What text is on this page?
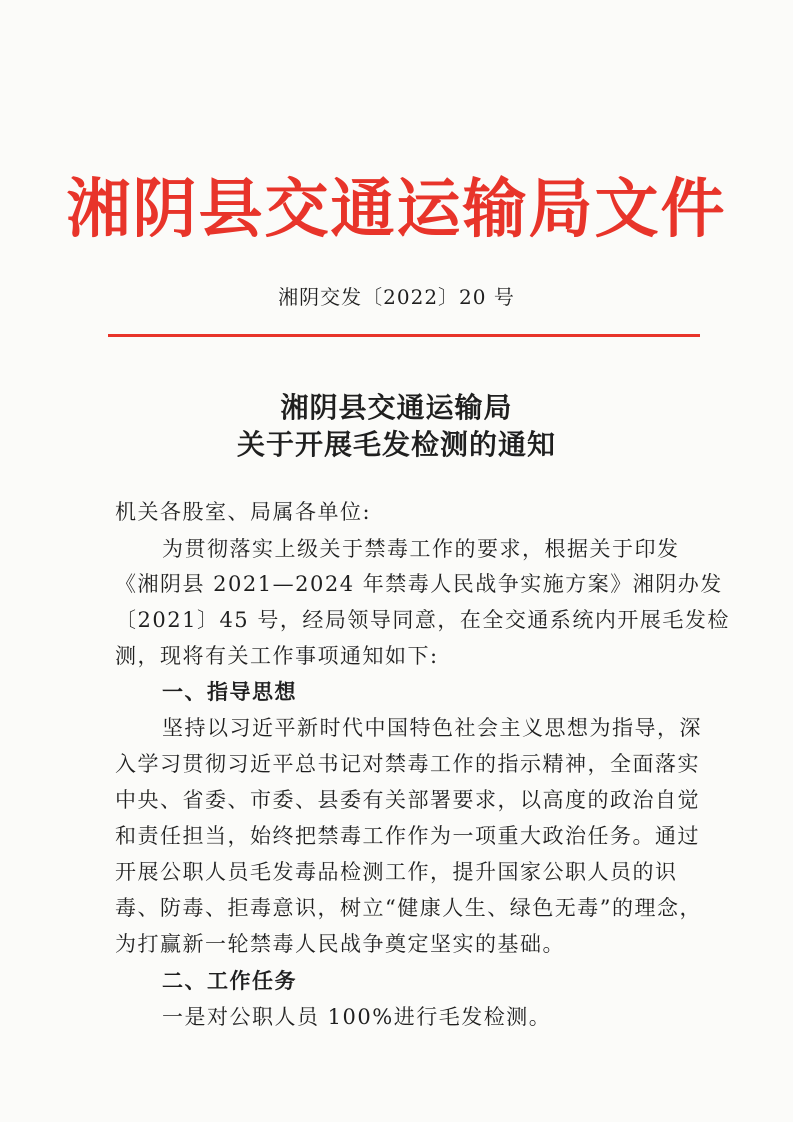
湘阴县交通运输局文件
湘阴交发〔2022〕20 号
湘阴县交通运输局
关于开展毛发检测的通知
机关各股室、局属各单位:
为贯彻落实上级关于禁毒工作的要求，根据关于印发
《湘阴县 2021—2024 年禁毒人民战争实施方案》湘阴办发
〔2021〕45 号，经局领导同意，在全交通系统内开展毛发检
测，现将有关工作事项通知如下:
一、指导思想
坚持以习近平新时代中国特色社会主义思想为指导，深
入学习贯彻习近平总书记对禁毒工作的指示精神，全面落实
中央、省委、市委、县委有关部署要求，以高度的政治自觉
和责任担当，始终把禁毒工作作为一项重大政治任务。通过
开展公职人员毛发毒品检测工作，提升国家公职人员的识
毒、防毒、拒毒意识，树立“健康人生、绿色无毒”的理念，
为打赢新一轮禁毒人民战争奠定坚实的基础。
二、工作任务
一是对公职人员 100%进行毛发检测。
